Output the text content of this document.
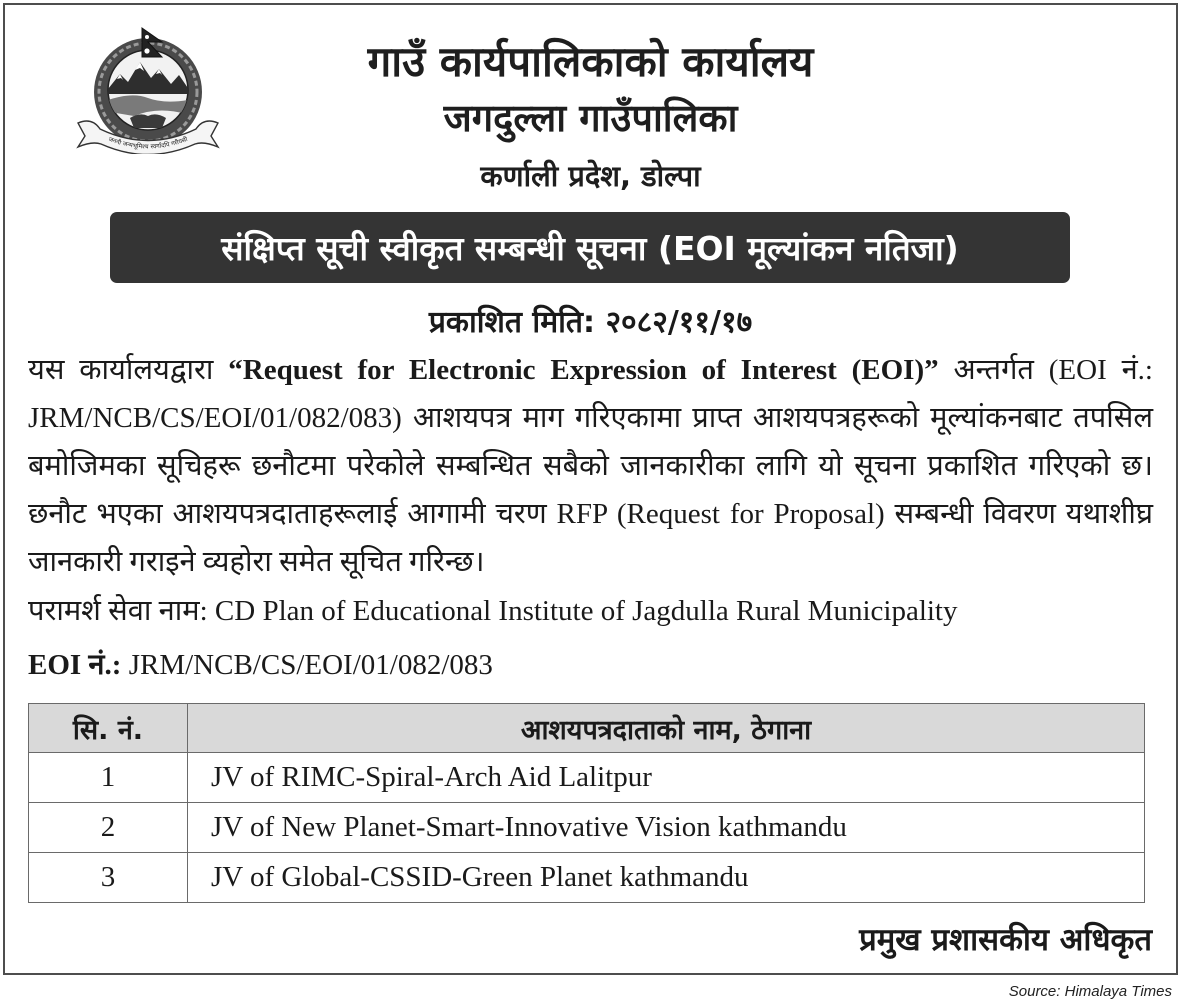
जननी जन्मभूमिश्च स्वर्गादपि गरीयसी
गाउँ कार्यपालिकाको कार्यालय
जगदुल्ला गाउँपालिका
कर्णाली प्रदेश, डोल्पा
संक्षिप्त सूची स्वीकृत सम्बन्धी सूचना (EOI मूल्यांकन नतिजा)
प्रकाशित मिति: २०८२/११/१७

यस कार्यालयद्वारा “Request for Electronic Expression of Interest (EOI)” अन्तर्गत (EOI नं.: JRM/NCB/CS/EOI/01/082/083) आशयपत्र माग गरिएकामा प्राप्त आशयपत्रहरूको मूल्यांकनबाट तपसिल बमोजिमका सूचिहरू छनौटमा परेकोले सम्बन्धित सबैको जानकारीका लागि यो सूचना प्रकाशित गरिएको छ। छनौट भएका आशयपत्रदाताहरूलाई आगामी चरण RFP (Request for Proposal) सम्बन्धी विवरण यथाशीघ्र जानकारी गराइने व्यहोरा समेत सूचित गरिन्छ।

परामर्श सेवा नाम: CD Plan of Educational Institute of Jagdulla Rural Municipality

EOI नं.: JRM/NCB/CS/EOI/01/082/083

सि. नं.	आशयपत्रदाताको नाम, ठेगाना
1	JV of RIMC-Spiral-Arch Aid Lalitpur
2	JV of New Planet-Smart-Innovative Vision kathmandu
3	JV of Global-CSSID-Green Planet kathmandu
प्रमुख प्रशासकीय अधिकृत
Source: Himalaya Times
